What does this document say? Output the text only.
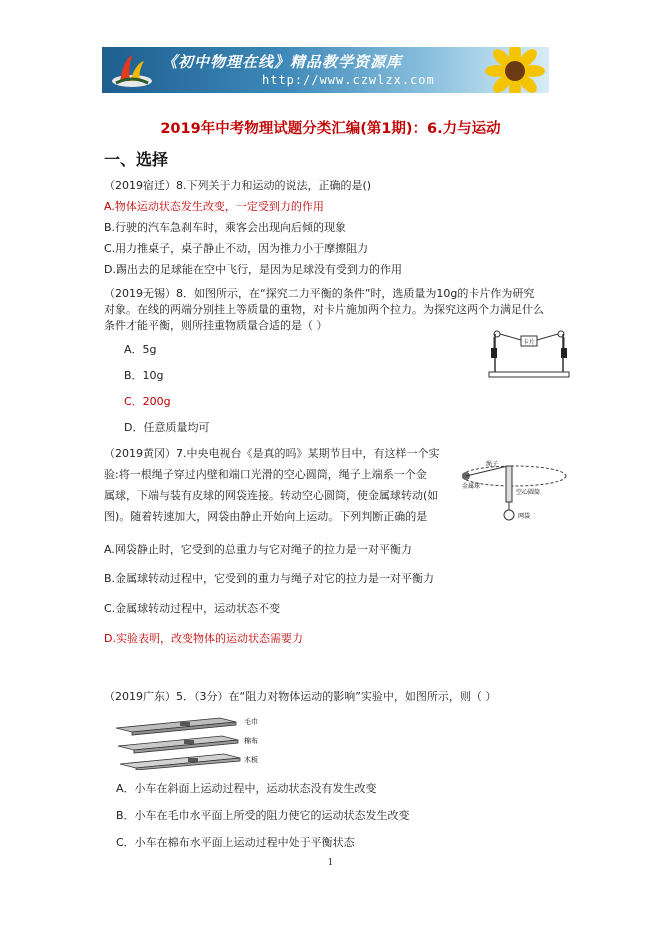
《初中物理在线》精品教学资源库
http://www.czwlzx.com
2019年中考物理试题分类汇编(第1期)：6.力与运动
一、选择
（2019宿迁）8.下列关于力和运动的说法，正确的是()
A.物体运动状态发生改变，一定受到力的作用
B.行驶的汽车急刹车时，乘客会出现向后倾的现象
C.用力推桌子，桌子静止不动，因为推力小于摩擦阻力
D.踢出去的足球能在空中飞行，是因为足球没有受到力的作用
（2019无锡）8．如图所示，在“探究二力平衡的条件”时，选质量为10g的卡片作为研究
对象。在线的两端分别挂上等质量的重物，对卡片施加两个拉力。为探究这两个力满足什么
条件才能平衡，则所挂重物质量合适的是（ ）
A．5g
B．10g
C．200g
D．任意质量均可
卡片
（2019黄冈）7.中央电视台《是真的吗》某期节目中，有这样一个实
验:将一根绳子穿过内壁和端口光滑的空心圆筒，绳子上端系一个金
属球，下端与装有皮球的网袋连接。转动空心圆筒，使金属球转动(如
图)。随着转速加大，网袋由静止开始向上运动。下列判断正确的是
绳子
金属球
空心圆筒
网袋
A.网袋静止时，它受到的总重力与它对绳子的拉力是一对平衡力
B.金属球转动过程中，它受到的重力与绳子对它的拉力是一对平衡力
C.金属球转动过程中，运动状态不变
D.实验表明，改变物体的运动状态需要力
（2019广东）5．（3分）在“阻力对物体运动的影响”实验中，如图所示，则（ ）
毛巾
棉布
木板
A．小车在斜面上运动过程中，运动状态没有发生改变
B．小车在毛巾水平面上所受的阻力使它的运动状态发生改变
C．小车在棉布水平面上运动过程中处于平衡状态
1
